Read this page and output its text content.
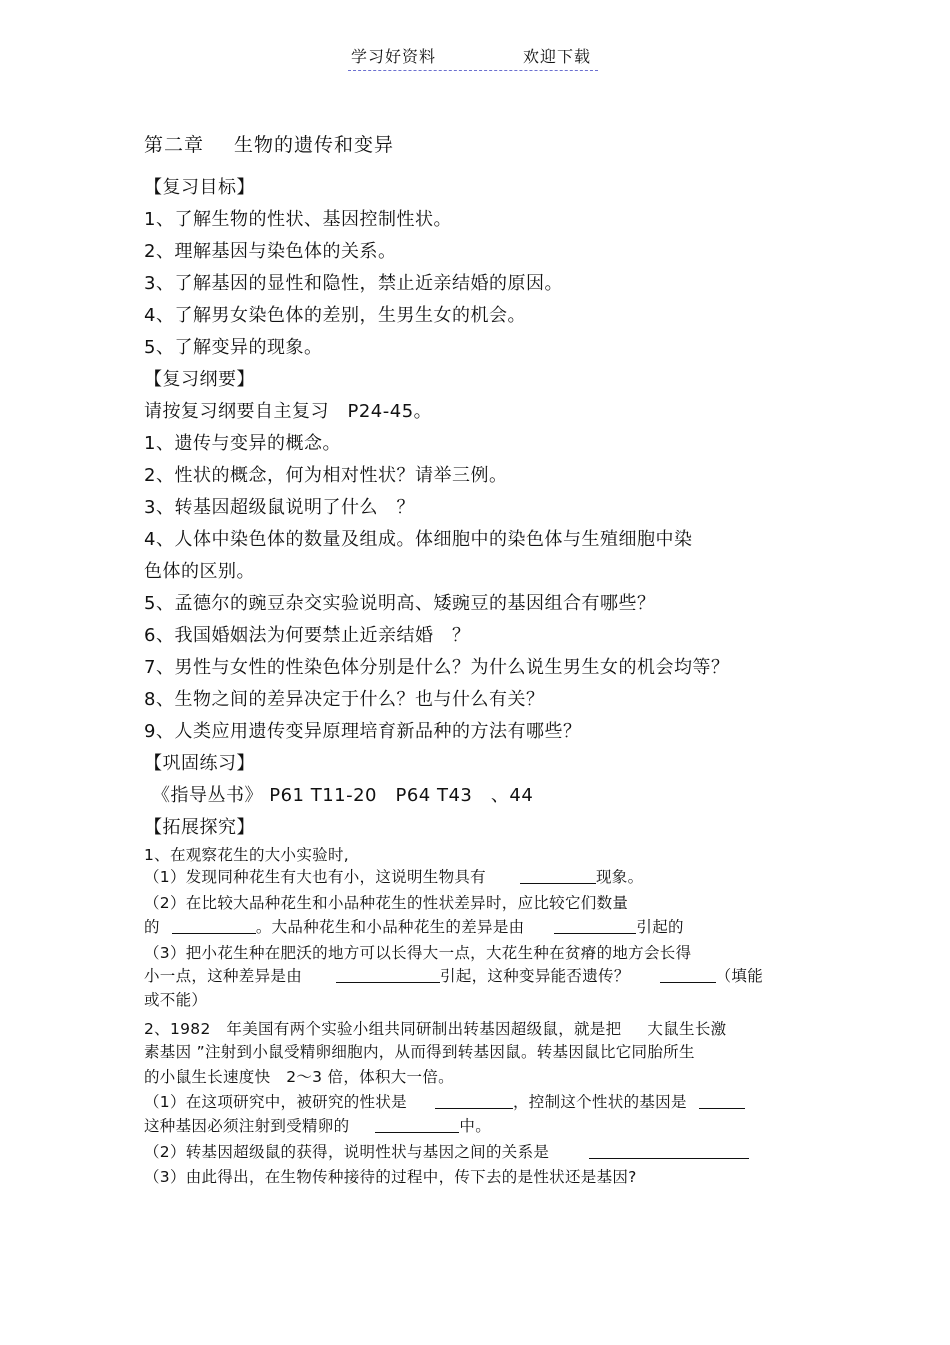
学习好资料	欢迎下载
第二章 生物的遗传和变异
【复习目标】
1、了解生物的性状、基因控制性状。
2、理解基因与染色体的关系。
3、了解基因的显性和隐性，禁止近亲结婚的原因。
4、了解男女染色体的差别，生男生女的机会。
5、了解变异的现象。
【复习纲要】
请按复习纲要自主复习　P24-45。
1、遗传与变异的概念。
2、性状的概念，何为相对性状？请举三例。
3、转基因超级鼠说明了什么　？
4、人体中染色体的数量及组成。体细胞中的染色体与生殖细胞中染
色体的区别。
5、孟德尔的豌豆杂交实验说明高、矮豌豆的基因组合有哪些？
6、我国婚姻法为何要禁止近亲结婚　？
7、男性与女性的性染色体分别是什么？为什么说生男生女的机会均等？
8、生物之间的差异决定于什么？也与什么有关？
9、人类应用遗传变异原理培育新品种的方法有哪些？
【巩固练习】
《指导丛书》 P61 T11-20　P64 T43　、44
【拓展探究】
1、在观察花生的大小实验时,
（1）发现同种花生有大也有小，这说明生物具有	现象。
（2）在比较大品种花生和小品种花生的性状差异时，应比较它们数量
的	。大品种花生和小品种花生的差异是由	引起的
（3）把小花生种在肥沃的地方可以长得大一点，大花生种在贫瘠的地方会长得
小一点，这种差异是由	引起，这种变异能否遗传？	（填能
或不能）
2、1982　年美国有两个实验小组共同研制出转基因超级鼠，就是把 大鼠生长激
素基因 ”注射到小鼠受精卵细胞内，从而得到转基因鼠。转基因鼠比它同胎所生
的小鼠生长速度快　2～3 倍，体积大一倍。
（1）在这项研究中，被研究的性状是	，控制这个性状的基因是
这种基因必须注射到受精卵的	中。
（2）转基因超级鼠的获得，说明性状与基因之间的关系是
（3）由此得出，在生物传种接待的过程中，传下去的是性状还是基因?
